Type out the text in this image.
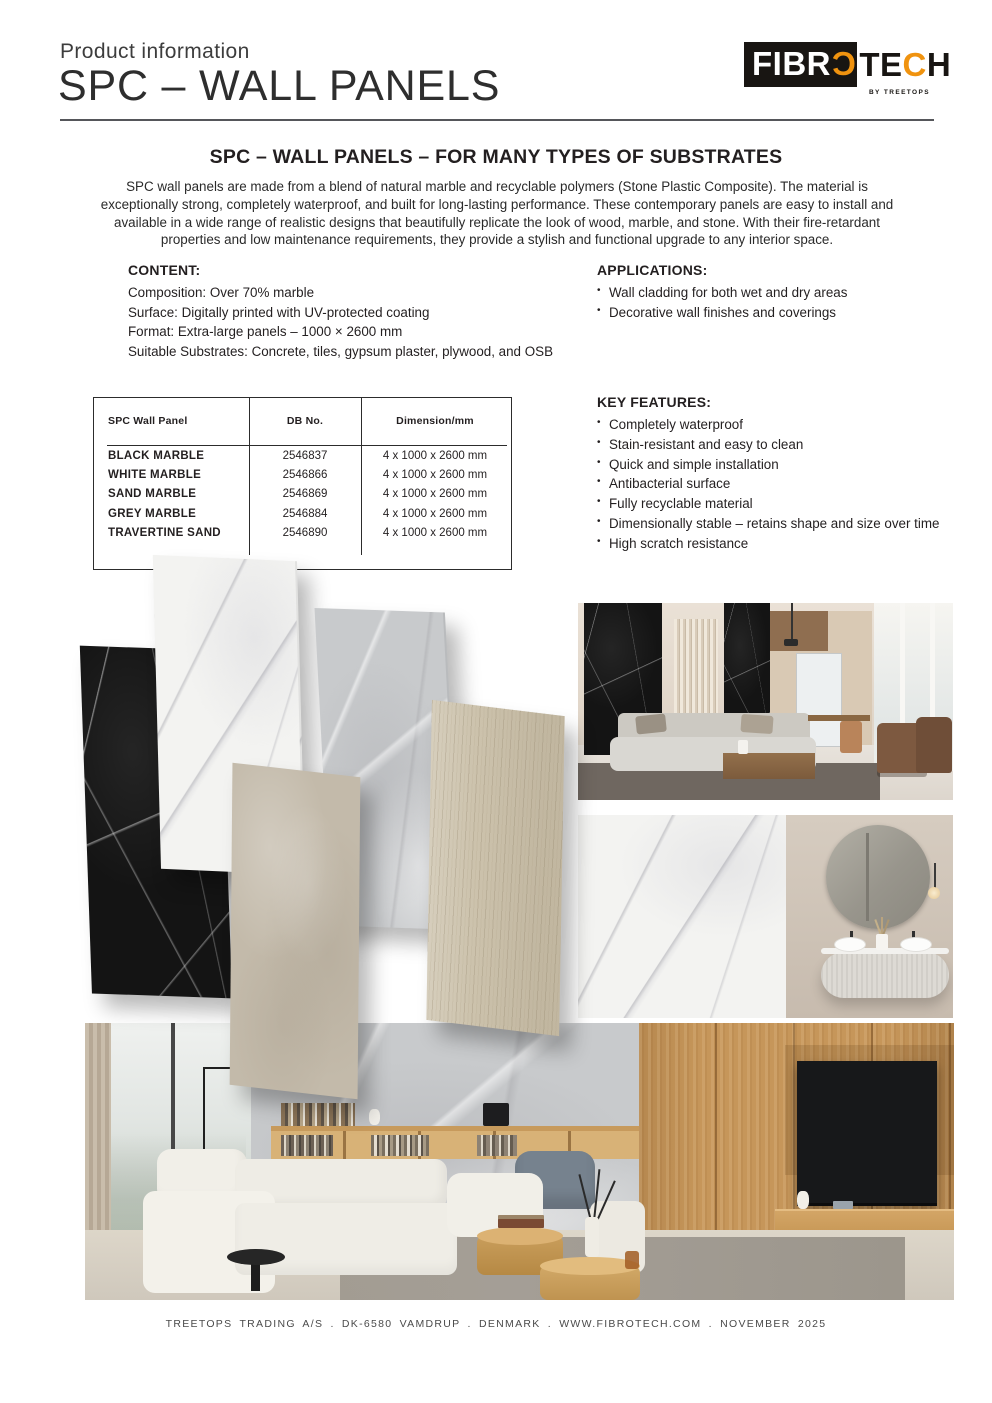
Product information
SPC – WALL PANELS	FIBR Ɔ TE C H
BY TREETOPS
SPC – WALL PANELS – FOR MANY TYPES OF SUBSTRATES
SPC wall panels are made from a blend of natural marble and recyclable polymers (Stone Plastic Composite). The material is exceptionally strong, completely waterproof, and built for long-lasting performance. These contemporary panels are easy to install and available in a wide range of realistic designs that beautifully replicate the look of wood, marble, and stone. With their fire-retardant properties and low maintenance requirements, they provide a stylish and functional upgrade to any interior space.
CONTENT:
Composition: Over 70% marble
Surface: Digitally printed with UV-protected coating
Format: Extra-large panels – 1000 × 2600 mm
Suitable Substrates: Concrete, tiles, gypsum plaster, plywood, and OSB
APPLICATIONS:
• Wall cladding for both wet and dry areas
• Decorative wall finishes and coverings
SPC Wall Panel	DB No.	Dimension/mm
BLACK MARBLE	2546837	4 x 1000 x 2600 mm
WHITE MARBLE	2546866	4 x 1000 x 2600 mm
SAND MARBLE	2546869	4 x 1000 x 2600 mm
GREY MARBLE	2546884	4 x 1000 x 2600 mm
TRAVERTINE SAND	2546890	4 x 1000 x 2600 mm
KEY FEATURES:
• Completely waterproof
• Stain-resistant and easy to clean
• Quick and simple installation
• Antibacterial surface
• Fully recyclable material
• Dimensionally stable – retains shape and size over time
• High scratch resistance
TREETOPS TRADING A/S . DK-6580 VAMDRUP . DENMARK . WWW.FIBROTECH.COM . NOVEMBER 2025
